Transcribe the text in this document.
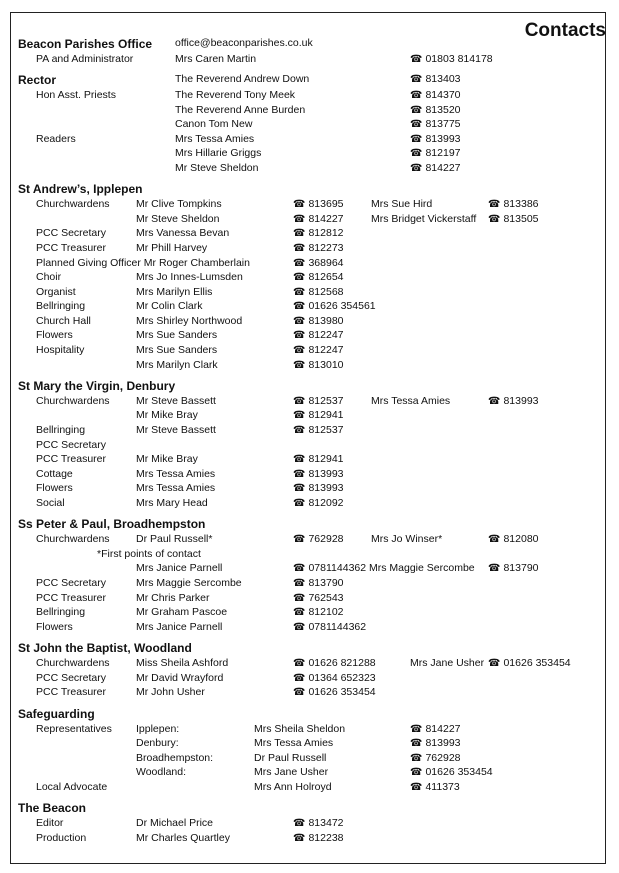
Contacts
Beacon Parishes Office office@beaconparishes.co.uk
PA and Administrator	Mrs Caren Martin	☎ 01803 814178
Rector	The Reverend Andrew Down	☎ 813403
Hon Asst. Priests	The Reverend Tony Meek	☎ 814370
The Reverend Anne Burden	☎ 813520
Canon Tom New	☎ 813775
Readers	Mrs Tessa Amies	☎ 813993
Mrs Hillarie Griggs	☎ 812197
Mr Steve Sheldon	☎ 814227
St Andrew’s, Ipplepen
Churchwardens	Mr Clive Tompkins	☎ 813695	Mrs Sue Hird	☎ 813386
Mr Steve Sheldon	☎ 814227	Mrs Bridget Vickerstaff	☎ 813505
PCC Secretary	Mrs Vanessa Bevan	☎ 812812
PCC Treasurer	Mr Phill Harvey	☎ 812273
Planned Giving Officer Mr Roger Chamberlain	☎ 368964
Choir	Mrs Jo Innes-Lumsden	☎ 812654
Organist	Mrs Marilyn Ellis	☎ 812568
Bellringing	Mr Colin Clark	☎ 01626 354561
Church Hall	Mrs Shirley Northwood	☎ 813980
Flowers	Mrs Sue Sanders	☎ 812247
Hospitality	Mrs Sue Sanders	☎ 812247
Mrs Marilyn Clark	☎ 813010
St Mary the Virgin, Denbury
Churchwardens	Mr Steve Bassett	☎ 812537	Mrs Tessa Amies	☎ 813993
Mr Mike Bray	☎ 812941
Bellringing	Mr Steve Bassett	☎ 812537
PCC Secretary
PCC Treasurer	Mr Mike Bray	☎ 812941
Cottage	Mrs Tessa Amies	☎ 813993
Flowers	Mrs Tessa Amies	☎ 813993
Social	Mrs Mary Head	☎ 812092
Ss Peter & Paul, Broadhempston
Churchwardens	Dr Paul Russell*	☎ 762928	Mrs Jo Winser*	☎ 812080
*First points of contact
Mrs Janice Parnell	☎ 0781144362 Mrs Maggie Sercombe	☎ 813790
PCC Secretary	Mrs Maggie Sercombe	☎ 813790
PCC Treasurer	Mr Chris Parker	☎ 762543
Bellringing	Mr Graham Pascoe	☎ 812102
Flowers	Mrs Janice Parnell	☎ 0781144362
St John the Baptist, Woodland
Churchwardens	Miss Sheila Ashford	☎ 01626 821288	Mrs Jane Usher	☎ 01626 353454
PCC Secretary	Mr David Wrayford	☎ 01364 652323
PCC Treasurer	Mr John Usher	☎ 01626 353454
Safeguarding
Representatives Ipplepen:	Mrs Sheila Sheldon	☎ 814227
Denbury:	Mrs Tessa Amies	☎ 813993
Broadhempston:	Dr Paul Russell	☎ 762928
Woodland:	Mrs Jane Usher	☎ 01626 353454
Local Advocate	Mrs Ann Holroyd	☎ 411373
The Beacon
Editor	Dr Michael Price	☎ 813472
Production	Mr Charles Quartley	☎ 812238
